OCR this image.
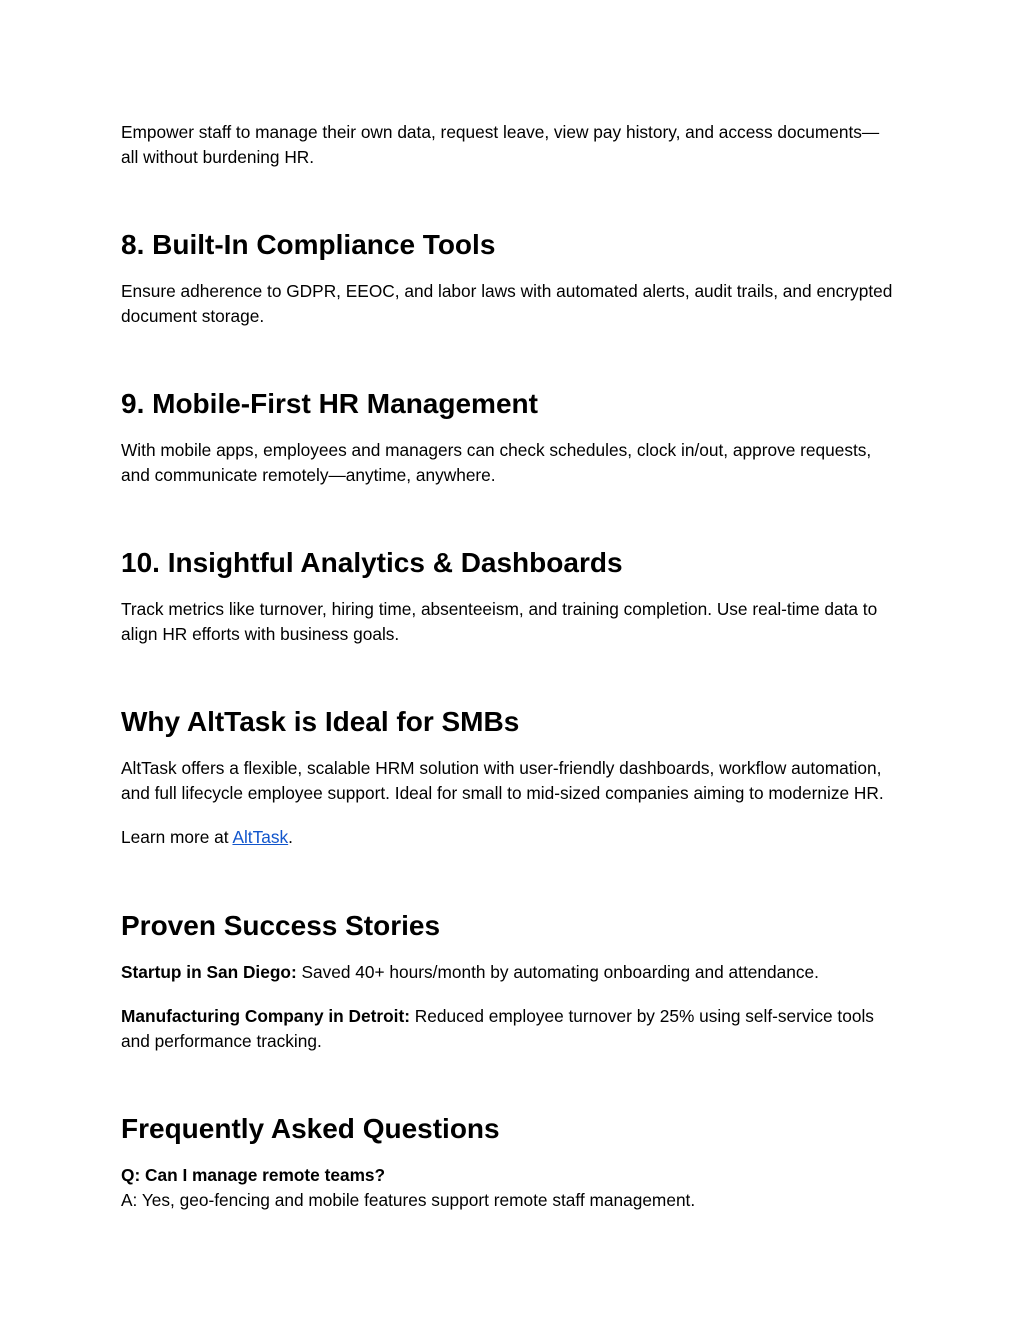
Empower staff to manage their own data, request leave, view pay history, and access documents—all without burdening HR.

8. Built-In Compliance Tools

Ensure adherence to GDPR, EEOC, and labor laws with automated alerts, audit trails, and encrypted document storage.

9. Mobile-First HR Management

With mobile apps, employees and managers can check schedules, clock in/out, approve requests, and communicate remotely—anytime, anywhere.

10. Insightful Analytics & Dashboards

Track metrics like turnover, hiring time, absenteeism, and training completion. Use real-time data to align HR efforts with business goals.

Why AltTask is Ideal for SMBs

AltTask offers a flexible, scalable HRM solution with user-friendly dashboards, workflow automation, and full lifecycle employee support. Ideal for small to mid-sized companies aiming to modernize HR.

Learn more at AltTask.

Proven Success Stories

Startup in San Diego: Saved 40+ hours/month by automating onboarding and attendance.

Manufacturing Company in Detroit: Reduced employee turnover by 25% using self-service tools and performance tracking.

Frequently Asked Questions

Q: Can I manage remote teams?

A: Yes, geo-fencing and mobile features support remote staff management.
